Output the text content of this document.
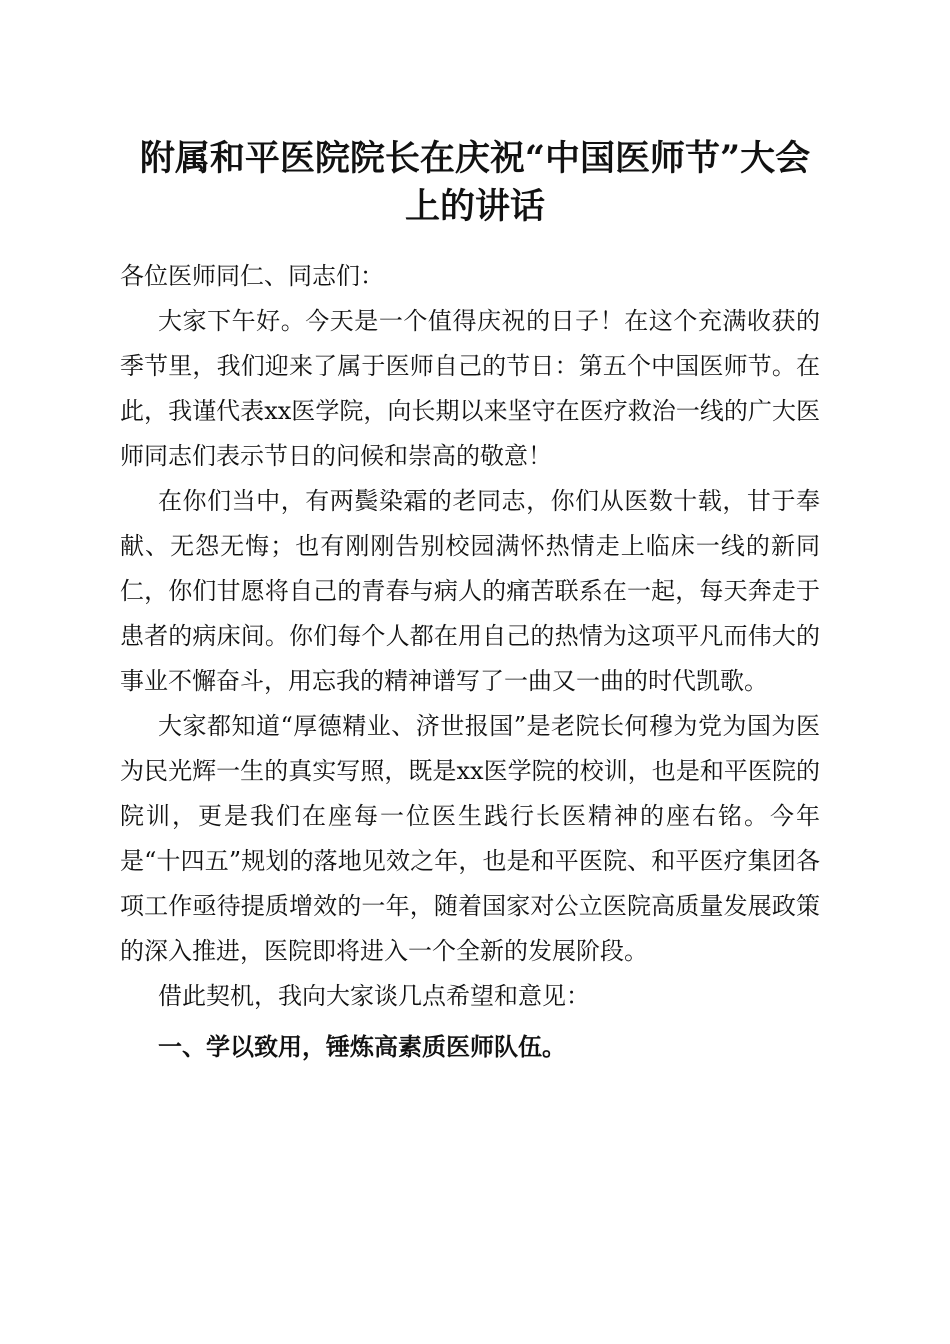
附属和平医院院长在庆祝“中国医师节”大会
上的讲话

各位医师同仁、同志们：

大家下午好。今天是一个值得庆祝的日子！在这个充满收获的季节里，我们迎来了属于医师自己的节日：第五个中国医师节。在此，我谨代表xx医学院，向长期以来坚守在医疗救治一线的广大医师同志们表示节日的问候和崇高的敬意！

在你们当中，有两鬓染霜的老同志，你们从医数十载，甘于奉献、无怨无悔；也有刚刚告别校园满怀热情走上临床一线的新同仁，你们甘愿将自己的青春与病人的痛苦联系在一起，每天奔走于患者的病床间。你们每个人都在用自己的热情为这项平凡而伟大的事业不懈奋斗，用忘我的精神谱写了一曲又一曲的时代凯歌。

大家都知道“厚德精业、济世报国”是老院长何穆为党为国为医为民光辉一生的真实写照，既是xx医学院的校训，也是和平医院的院训，更是我们在座每一位医生践行长医精神的座右铭。今年是“十四五”规划的落地见效之年，也是和平医院、和平医疗集团各项工作亟待提质增效的一年，随着国家对公立医院高质量发展政策的深入推进，医院即将进入一个全新的发展阶段。

借此契机，我向大家谈几点希望和意见：

一、学以致用，锤炼高素质医师队伍。
